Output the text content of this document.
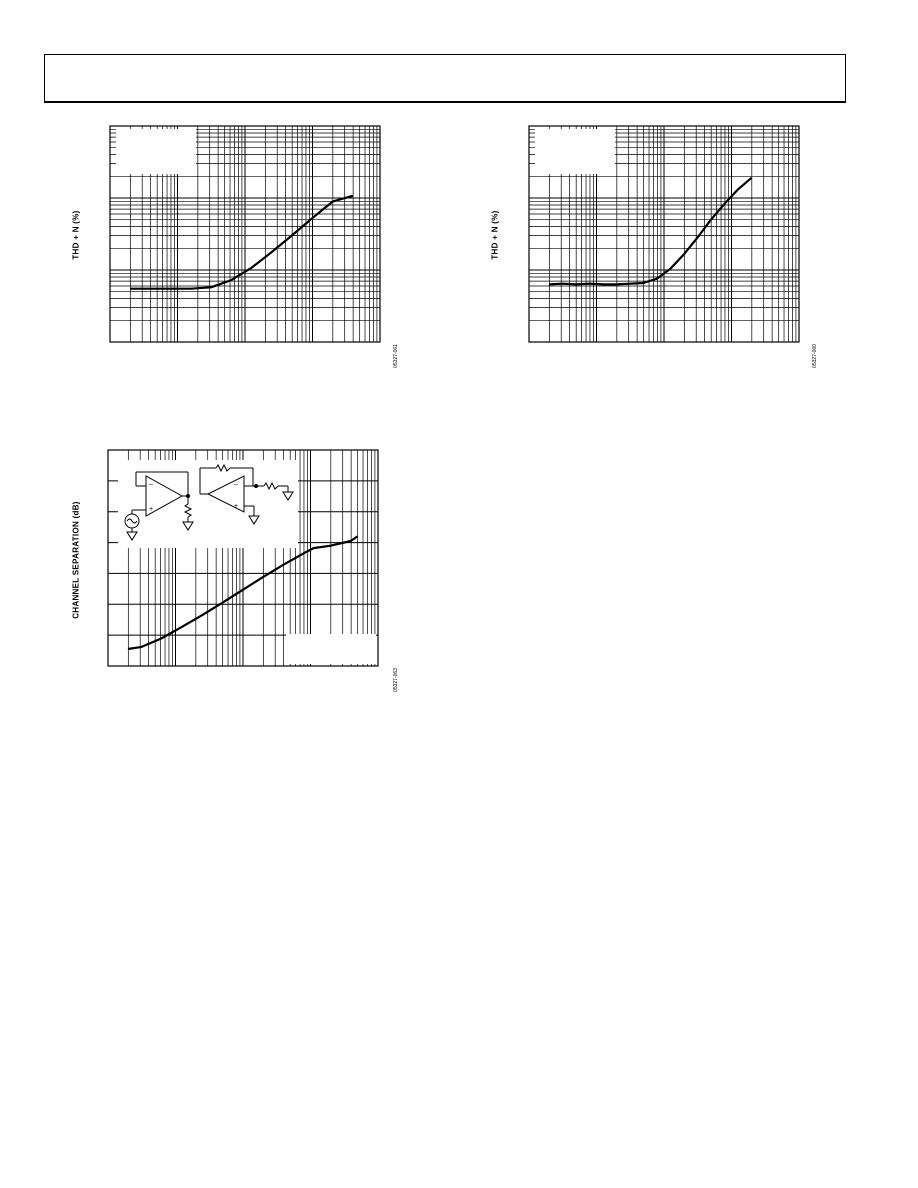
THD + N (%)
05327-061
THD + N (%)
05327-060
CHANNEL SEPARATION (dB)
–
+
–
+
05327-063
